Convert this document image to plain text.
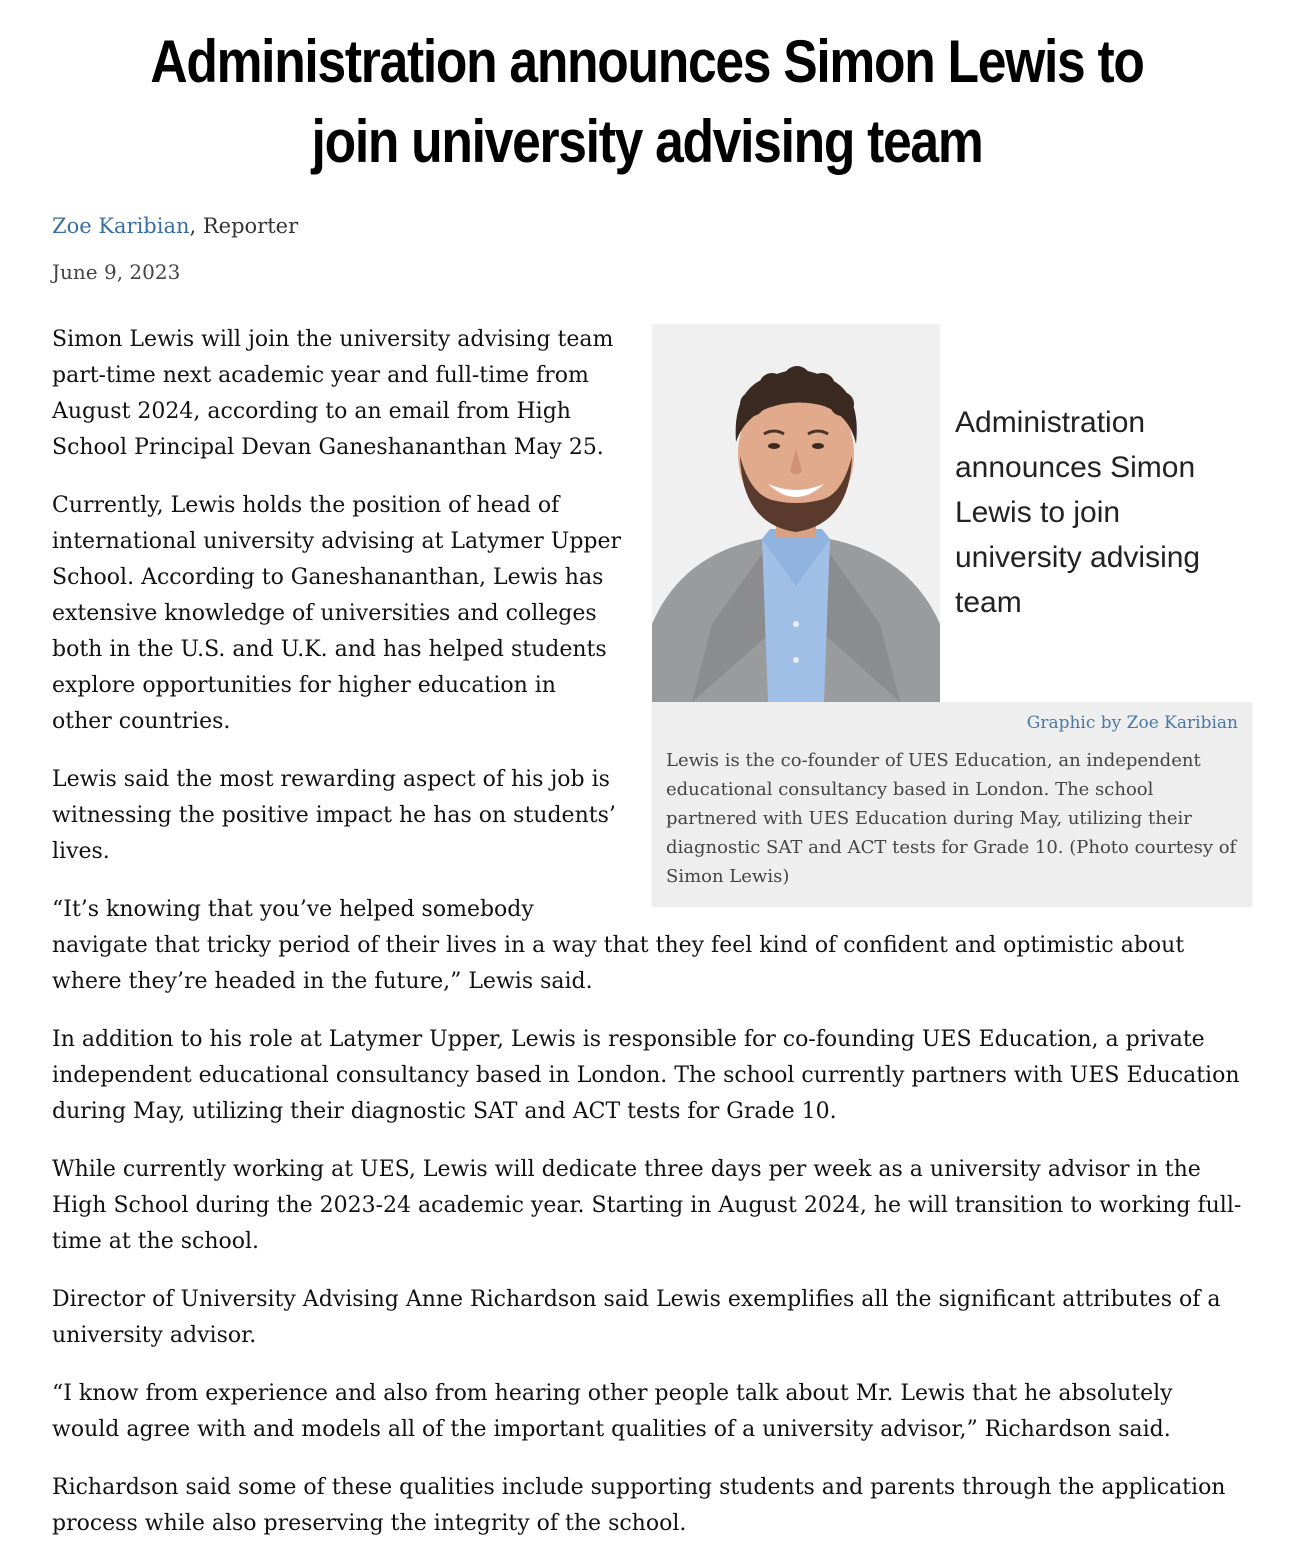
Administration announces Simon Lewis to join university advising team
Zoe Karibian, Reporter
June 9, 2023
Administration announces Simon Lewis to join university advising team
Graphic by Zoe Karibian
Lewis is the co-founder of UES Education, an independent educational consultancy based in London. The school partnered with UES Education during May, utilizing their diagnostic SAT and ACT tests for Grade 10. (Photo courtesy of Simon Lewis)

Simon Lewis will join the university advising team part-time next academic year and full-time from August 2024, according to an email from High School Principal Devan Ganeshananthan May 25.

Currently, Lewis holds the position of head of international university advising at Latymer Upper School. According to Ganeshananthan, Lewis has extensive knowledge of universities and colleges both in the U.S. and U.K. and has helped students explore opportunities for higher education in other countries.

Lewis said the most rewarding aspect of his job is witnessing the positive impact he has on students’ lives.

“It’s knowing that you’ve helped somebody navigate that tricky period of their lives in a way that they feel kind of confident and optimistic about where they’re headed in the future,” Lewis said.

In addition to his role at Latymer Upper, Lewis is responsible for co-founding UES Education, a private independent educational consultancy based in London. The school currently partners with UES Education during May, utilizing their diagnostic SAT and ACT tests for Grade 10.

While currently working at UES, Lewis will dedicate three days per week as a university advisor in the High School during the 2023-24 academic year. Starting in August 2024, he will transition to working full-time at the school.

Director of University Advising Anne Richardson said Lewis exemplifies all the significant attributes of a university advisor.

“I know from experience and also from hearing other people talk about Mr. Lewis that he absolutely would agree with and models all of the important qualities of a university advisor,” Richardson said.

Richardson said some of these qualities include supporting students and parents through the application process while also preserving the integrity of the school.
